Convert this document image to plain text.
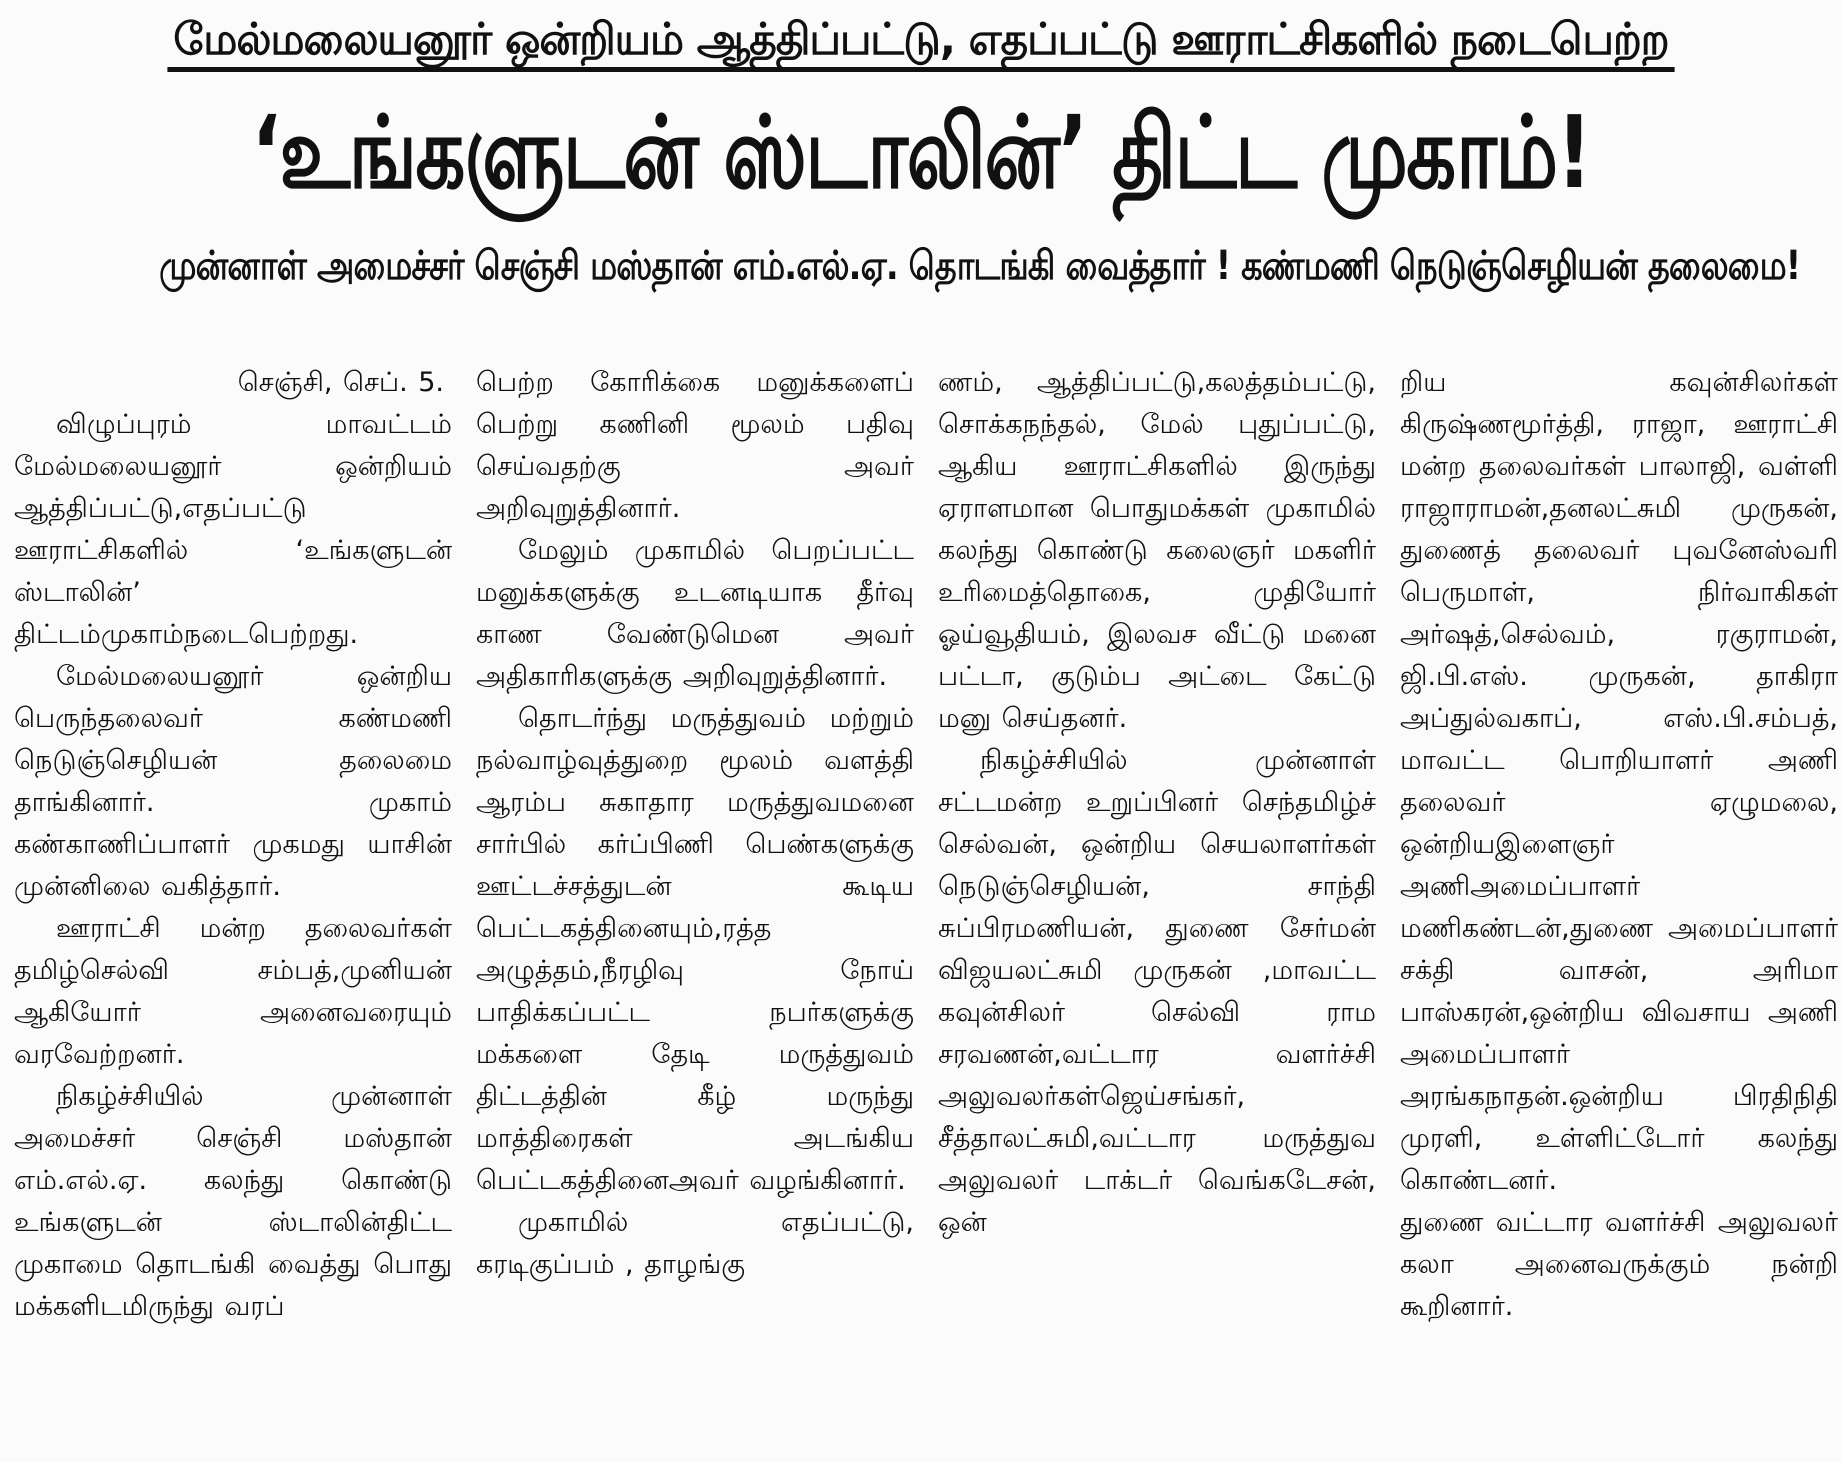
மேல்மலையனூர் ஒன்றியம் ஆத்திப்பட்டு, எதப்பட்டு ஊராட்சிகளில் நடைபெற்ற
‘உங்களுடன் ஸ்டாலின்’ திட்ட முகாம்!
முன்னாள் அமைச்சர் செஞ்சி மஸ்தான் எம்.எல்.ஏ. தொடங்கி வைத்தார் ! கண்மணி நெடுஞ்செழியன் தலைமை!

செஞ்சி, செப். 5.

விழுப்புரம் மாவட்டம் மேல்மலையனூர் ஒன்றியம் ஆத்திப்பட்டு,எதப்பட்டு ஊராட்சிகளில் ‘உங்களுடன் ஸ்டாலின்’ திட்டம்முகாம்நடைபெற்றது.

மேல்மலையனூர் ஒன்றிய பெருந்தலைவர் கண்மணி நெடுஞ்செழியன் தலைமை தாங்கினார். முகாம் கண்காணிப்பாளர் முகமது யாசின் முன்னிலை வகித்தார்.

ஊராட்சி மன்ற தலைவர்கள் தமிழ்செல்வி சம்பத்,முனியன் ஆகியோர் அனைவரையும் வரவேற்றனர்.

நிகழ்ச்சியில் முன்னாள் அமைச்சர் செஞ்சி மஸ்தான் எம்.எல்.ஏ. கலந்து கொண்டு உங்களுடன் ஸ்டாலின்திட்ட முகாமை தொடங்கி வைத்து பொது மக்களிடமிருந்து வரப்

பெற்ற கோரிக்கை மனுக்களைப் பெற்று கணினி மூலம் பதிவு செய்வதற்கு அவர் அறிவுறுத்தினார்.

மேலும் முகாமில் பெறப்பட்ட மனுக்களுக்கு உடனடியாக தீர்வு காண வேண்டுமென அவர் அதிகாரிகளுக்கு அறிவுறுத்தினார்.

தொடர்ந்து மருத்துவம் மற்றும் நல்வாழ்வுத்துறை மூலம் வளத்தி ஆரம்ப சுகாதார மருத்துவமனை சார்பில் கர்ப்பிணி பெண்களுக்கு ஊட்டச்சத்துடன் கூடிய பெட்டகத்தினையும்,ரத்த அழுத்தம்,நீரழிவு நோய் பாதிக்கப்பட்ட நபர்களுக்கு மக்களை தேடி மருத்துவம் திட்டத்தின் கீழ் மருந்து மாத்திரைகள் அடங்கிய பெட்டகத்தினைஅவர் வழங்கினார்.

முகாமில் எதப்பட்டு, கரடிகுப்பம் , தாழங்கு

ணம், ஆத்திப்பட்டு,கலத்தம்பட்டு, சொக்கநந்தல், மேல் புதுப்பட்டு, ஆகிய ஊராட்சிகளில் இருந்து ஏராளமான பொதுமக்கள் முகாமில் கலந்து கொண்டு கலைஞர் மகளிர் உரிமைத்தொகை, முதியோர் ஓய்வூதியம், இலவச வீட்டு மனை பட்டா, குடும்ப அட்டை கேட்டு மனு செய்தனர்.

நிகழ்ச்சியில் முன்னாள் சட்டமன்ற உறுப்பினர் செந்தமிழ்ச் செல்வன், ஒன்றிய செயலாளர்கள் நெடுஞ்செழியன், சாந்தி சுப்பிரமணியன், துணை சேர்மன் விஜயலட்சுமி முருகன் ,மாவட்ட கவுன்சிலர் செல்வி ராம சரவணன்,வட்டார வளர்ச்சி அலுவலர்கள்ஜெய்சங்கர், சீத்தாலட்சுமி,வட்டார மருத்துவ அலுவலர் டாக்டர் வெங்கடேசன், ஒன்

றிய கவுன்சிலர்கள் கிருஷ்ணமூர்த்தி, ராஜா, ஊராட்சி மன்ற தலைவர்கள் பாலாஜி, வள்ளி ராஜாராமன்,தனலட்சுமி முருகன், துணைத் தலைவர் புவனேஸ்வரி பெருமாள், நிர்வாகிகள் அர்ஷத்,செல்வம், ரகுராமன், ஜி.பி.எஸ். முருகன், தாகிரா அப்துல்வகாப், எஸ்.பி.சம்பத், மாவட்ட பொறியாளர் அணி தலைவர் ஏழுமலை, ஒன்றியஇளைஞர் அணிஅமைப்பாளர் மணிகண்டன்,துணை அமைப்பாளர் சக்தி வாசன், அரிமா பாஸ்கரன்,ஒன்றிய விவசாய அணி அமைப்பாளர் அரங்கநாதன்.ஒன்றிய பிரதிநிதி முரளி, உள்ளிட்டோர் கலந்து கொண்டனர்.

துணை வட்டார வளர்ச்சி அலுவலர் கலா அனைவருக்கும் நன்றி கூறினார்.
